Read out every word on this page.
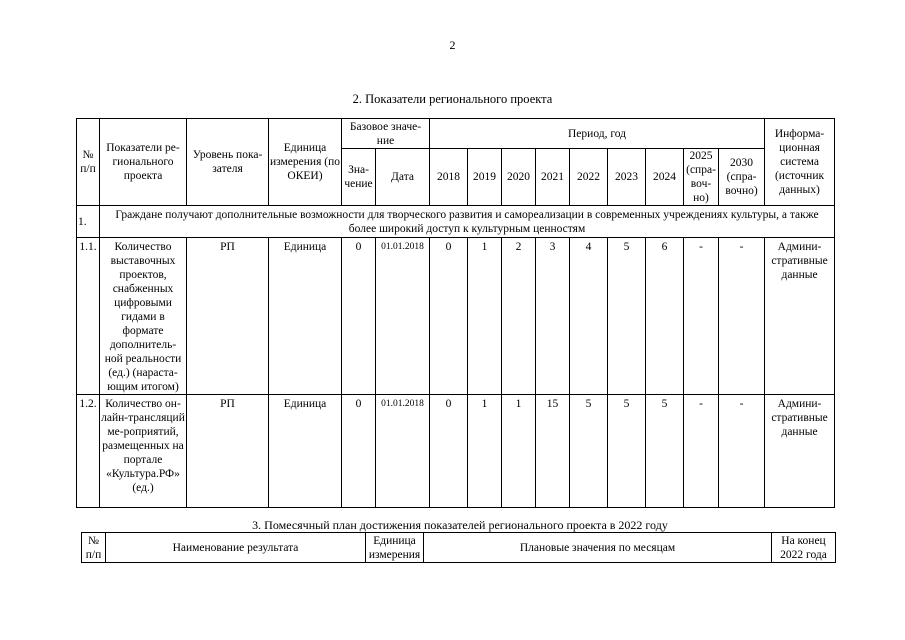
2
2. Показатели регионального проекта
№ п/п	Показатели ре-гионального проекта	Уровень пока-зателя	Единица измерения (по ОКЕИ)	Базовое значе-ние		Период, год									Информа-ционная система (источник данных)
				Зна-чение	Дата	2018	2019	2020	2021	2022	2023	2024	2025 (спра-воч-но)	2030 (спра-вочно)	
1.	Граждане получают дополнительные возможности для творческого развития и самореализации в современных учреждениях культуры, а также более широкий доступ к культурным ценностям														
1.1.	Количество выставочных проектов, снабженных цифровыми гидами в формате дополнитель-ной реальности (ед.) (нараста-ющим итогом)	РП	Единица	0	01.01.2018	0	1	2	3	4	5	6	-	-	Админи-стративные данные
1.2.	Количество он-лайн-трансляций ме-роприятий, размещенных на портале «Культура.РФ» (ед.)	РП	Единица	0	01.01.2018	0	1	1	15	5	5	5	-	-	Админи-стративные данные
3. Помесячный план достижения показателей регионального проекта в 2022 году
№ п/п	Наименование результата	Единица измерения	Плановые значения по месяцам	На конец 2022 года
